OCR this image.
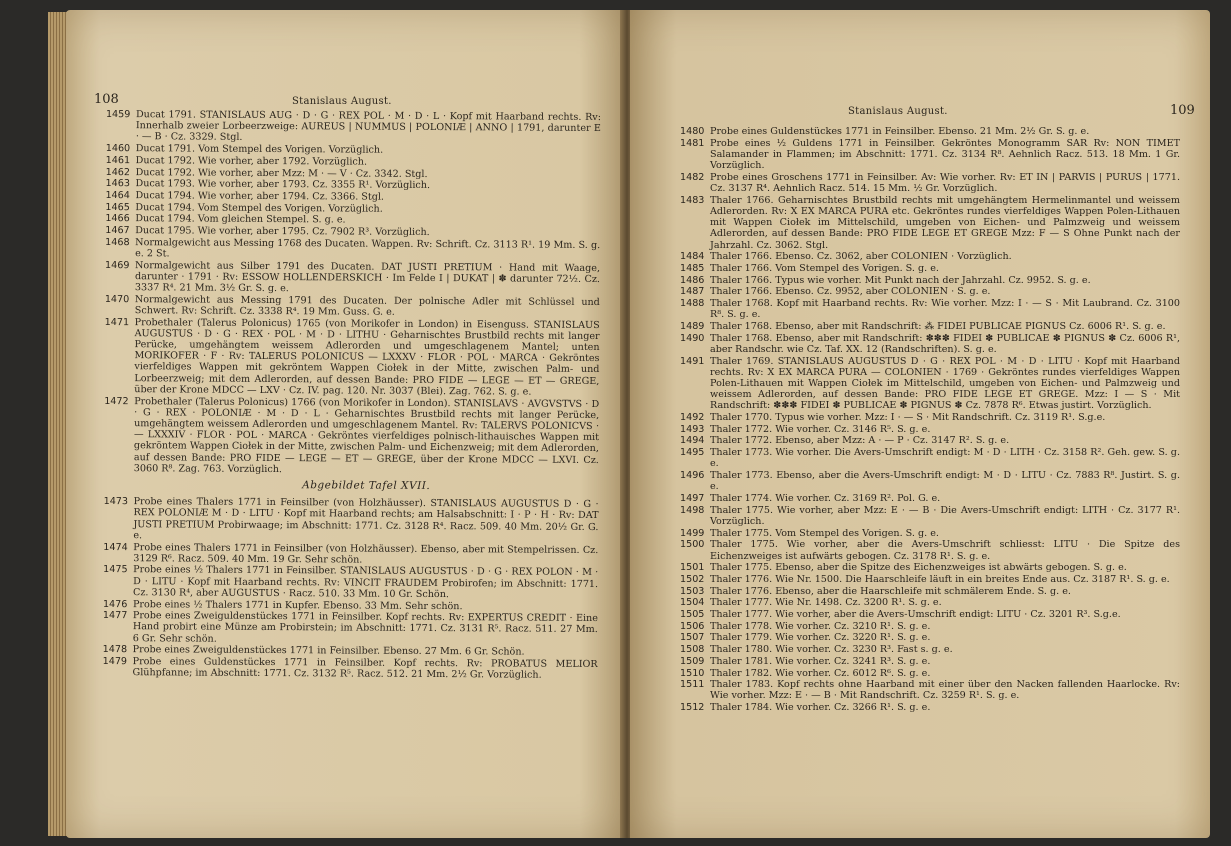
108	Stanislaus August.
1459 Ducat 1791. STANISLAUS AUG · D · G · REX POL · M · D · L · Kopf mit Haarband rechts. Rv: Innerhalb zweier Lorbeerzweige: AUREUS | NUMMUS | POLONIÆ | ANNO | 1791, darunter E · — B · Cz. 3329. Stgl.
1460 Ducat 1791. Vom Stempel des Vorigen. Vorzüglich.
1461 Ducat 1792. Wie vorher, aber 1792. Vorzüglich.
1462 Ducat 1792. Wie vorher, aber Mzz: M · — V · Cz. 3342. Stgl.
1463 Ducat 1793. Wie vorher, aber 1793. Cz. 3355 R¹. Vorzüglich.
1464 Ducat 1794. Wie vorher, aber 1794. Cz. 3366. Stgl.
1465 Ducat 1794. Vom Stempel des Vorigen. Vorzüglich.
1466 Ducat 1794. Vom gleichen Stempel. S. g. e.
1467 Ducat 1795. Wie vorher, aber 1795. Cz. 7902 R³. Vorzüglich.
1468 Normalgewicht aus Messing 1768 des Ducaten. Wappen. Rv: Schrift. Cz. 3113 R¹. 19 Mm. S. g. e. 2 St.
1469 Normalgewicht aus Silber 1791 des Ducaten. DAT JUSTI PRETIUM · Hand mit Waage, darunter · 1791 · Rv: ESSOW HOLLENDERSKICH · Im Felde I | DUKAT | ✽ darunter 72½. Cz. 3337 R⁴. 21 Mm. 3½ Gr. S. g. e.
1470 Normalgewicht aus Messing 1791 des Ducaten. Der polnische Adler mit Schlüssel und Schwert. Rv: Schrift. Cz. 3338 R⁴. 19 Mm. Guss. G. e.
1471 Probethaler (Talerus Polonicus) 1765 (von Morikofer in London) in Eisenguss. STANISLAUS AUGUSTUS · D · G · REX · POL · M · D · LITHU · Geharnischtes Brustbild rechts mit langer Perücke, umgehängtem weissem Adlerorden und umgeschlagenem Mantel; unten MORIKOFER · F · Rv: TALERUS POLONICUS — LXXXV · FLOR · POL · MARCA · Gekröntes vierfeldiges Wappen mit gekröntem Wappen Ciołek in der Mitte, zwischen Palm- und Lorbeerzweig; mit dem Adlerorden, auf dessen Bande: PRO FIDE — LEGE — ET — GREGE, über der Krone MDCC — LXV · Cz. IV. pag. 120. Nr. 3037 (Blei). Zag. 762. S. g. e.
1472 Probethaler (Talerus Polonicus) 1766 (von Morikofer in London). STANISLAVS · AVGVSTVS · D · G · REX · POLONIÆ · M · D · L · Geharnischtes Brustbild rechts mit langer Perücke, umgehängtem weissem Adlerorden und umgeschlagenem Mantel. Rv: TALERVS POLONICVS · — LXXXIV · FLOR · POL · MARCA · Gekröntes vierfeldiges polnisch-lithauisches Wappen mit gekröntem Wappen Ciołek in der Mitte, zwischen Palm- und Eichenzweig; mit dem Adlerorden, auf dessen Bande: PRO FIDE — LEGE — ET — GREGE, über der Krone MDCC — LXVI. Cz. 3060 R⁸. Zag. 763. Vorzüglich.
Abgebildet Tafel XVII.
1473 Probe eines Thalers 1771 in Feinsilber (von Holzhäusser). STANISLAUS AUGUSTUS D · G · REX POLONIÆ M · D · LITU · Kopf mit Haarband rechts; am Halsabschnitt: I · P · H · Rv: DAT JUSTI PRETIUM Probirwaage; im Abschnitt: 1771. Cz. 3128 R⁴. Racz. 509. 40 Mm. 20½ Gr. G. e.
1474 Probe eines Thalers 1771 in Feinsilber (von Holzhäusser). Ebenso, aber mit Stempelrissen. Cz. 3129 R⁶. Racz. 509. 40 Mm. 19 Gr. Sehr schön.
1475 Probe eines ½ Thalers 1771 in Feinsilber. STANISLAUS AUGUSTUS · D · G · REX POLON · M · D · LITU · Kopf mit Haarband rechts. Rv: VINCIT FRAUDEM Probirofen; im Abschnitt: 1771. Cz. 3130 R⁴, aber AUGUSTUS · Racz. 510. 33 Mm. 10 Gr. Schön.
1476 Probe eines ½ Thalers 1771 in Kupfer. Ebenso. 33 Mm. Sehr schön.
1477 Probe eines Zweiguldenstückes 1771 in Feinsilber. Kopf rechts. Rv: EXPERTUS CREDIT · Eine Hand probirt eine Münze am Probirstein; im Abschnitt: 1771. Cz. 3131 R⁵. Racz. 511. 27 Mm. 6 Gr. Sehr schön.
1478 Probe eines Zweiguldenstückes 1771 in Feinsilber. Ebenso. 27 Mm. 6 Gr. Schön.
1479 Probe eines Guldenstückes 1771 in Feinsilber. Kopf rechts. Rv: PROBATUS MELIOR Glühpfanne; im Abschnitt: 1771. Cz. 3132 R⁵. Racz. 512. 21 Mm. 2½ Gr. Vorzüglich.
Stanislaus August.	109
1480 Probe eines Guldenstückes 1771 in Feinsilber. Ebenso. 21 Mm. 2½ Gr. S. g. e.
1481 Probe eines ½ Guldens 1771 in Feinsilber. Gekröntes Monogramm SAR Rv: NON TIMET Salamander in Flammen; im Abschnitt: 1771. Cz. 3134 R⁸. Aehnlich Racz. 513. 18 Mm. 1 Gr. Vorzüglich.
1482 Probe eines Groschens 1771 in Feinsilber. Av: Wie vorher. Rv: ET IN | PARVIS | PURUS | 1771. Cz. 3137 R⁴. Aehnlich Racz. 514. 15 Mm. ½ Gr. Vorzüglich.
1483 Thaler 1766. Geharnischtes Brustbild rechts mit umgehängtem Hermelinmantel und weissem Adlerorden. Rv: X EX MARCA PURA etc. Gekröntes rundes vierfeldiges Wappen Polen-Lithauen mit Wappen Ciołek im Mittelschild, umgeben von Eichen- und Palmzweig und weissem Adlerorden, auf dessen Bande: PRO FIDE LEGE ET GREGE Mzz: F — S Ohne Punkt nach der Jahrzahl. Cz. 3062. Stgl.
1484 Thaler 1766. Ebenso. Cz. 3062, aber COLONIEN · Vorzüglich.
1485 Thaler 1766. Vom Stempel des Vorigen. S. g. e.
1486 Thaler 1766. Typus wie vorher. Mit Punkt nach der Jahrzahl. Cz. 9952. S. g. e.
1487 Thaler 1766. Ebenso. Cz. 9952, aber COLONIEN · S. g. e.
1488 Thaler 1768. Kopf mit Haarband rechts. Rv: Wie vorher. Mzz: I · — S · Mit Laubrand. Cz. 3100 R⁸. S. g. e.
1489 Thaler 1768. Ebenso, aber mit Randschrift: ⁂ FIDEI PUBLICAE PIGNUS Cz. 6006 R¹. S. g. e.
1490 Thaler 1768. Ebenso, aber mit Randschrift: ✽✽✽ FIDEI ✽ PUBLICAE ✽ PIGNUS ✽ Cz. 6006 R¹, aber Randschr. wie Cz. Taf. XX. 12 (Randschriften). S. g. e.
1491 Thaler 1769. STANISLAUS AUGUSTUS D · G · REX POL · M · D · LITU · Kopf mit Haarband rechts. Rv: X EX MARCA PURA — COLONIEN · 1769 · Gekröntes rundes vierfeldiges Wappen Polen-Lithauen mit Wappen Ciołek im Mittelschild, umgeben von Eichen- und Palmzweig und weissem Adlerorden, auf dessen Bande: PRO FIDE LEGE ET GREGE. Mzz: I — S · Mit Randschrift: ✽✽✽ FIDEI ✽ PUBLICAE ✽ PIGNUS ✽ Cz. 7878 R⁶. Etwas justirt. Vorzüglich.
1492 Thaler 1770. Typus wie vorher. Mzz: I · — S · Mit Randschrift. Cz. 3119 R¹. S.g.e.
1493 Thaler 1772. Wie vorher. Cz. 3146 R⁵. S. g. e.
1494 Thaler 1772. Ebenso, aber Mzz: A · — P · Cz. 3147 R². S. g. e.
1495 Thaler 1773. Wie vorher. Die Avers-Umschrift endigt: M · D · LITH · Cz. 3158 R². Geh. gew. S. g. e.
1496 Thaler 1773. Ebenso, aber die Avers-Umschrift endigt: M · D · LITU · Cz. 7883 R⁸. Justirt. S. g. e.
1497 Thaler 1774. Wie vorher. Cz. 3169 R². Pol. G. e.
1498 Thaler 1775. Wie vorher, aber Mzz: E · — B · Die Avers-Umschrift endigt: LITH · Cz. 3177 R¹. Vorzüglich.
1499 Thaler 1775. Vom Stempel des Vorigen. S. g. e.
1500 Thaler 1775. Wie vorher, aber die Avers-Umschrift schliesst: LITU · Die Spitze des Eichenzweiges ist aufwärts gebogen. Cz. 3178 R¹. S. g. e.
1501 Thaler 1775. Ebenso, aber die Spitze des Eichenzweiges ist abwärts gebogen. S. g. e.
1502 Thaler 1776. Wie Nr. 1500. Die Haarschleife läuft in ein breites Ende aus. Cz. 3187 R¹. S. g. e.
1503 Thaler 1776. Ebenso, aber die Haarschleife mit schmälerem Ende. S. g. e.
1504 Thaler 1777. Wie Nr. 1498. Cz. 3200 R¹. S. g. e.
1505 Thaler 1777. Wie vorher, aber die Avers-Umschrift endigt: LITU · Cz. 3201 R³. S.g.e.
1506 Thaler 1778. Wie vorher. Cz. 3210 R¹. S. g. e.
1507 Thaler 1779. Wie vorher. Cz. 3220 R¹. S. g. e.
1508 Thaler 1780. Wie vorher. Cz. 3230 R³. Fast s. g. e.
1509 Thaler 1781. Wie vorher. Cz. 3241 R³. S. g. e.
1510 Thaler 1782. Wie vorher. Cz. 6012 R⁶. S. g. e.
1511 Thaler 1783. Kopf rechts ohne Haarband mit einer über den Nacken fallenden Haarlocke. Rv: Wie vorher. Mzz: E · — B · Mit Randschrift. Cz. 3259 R¹. S. g. e.
1512 Thaler 1784. Wie vorher. Cz. 3266 R¹. S. g. e.
